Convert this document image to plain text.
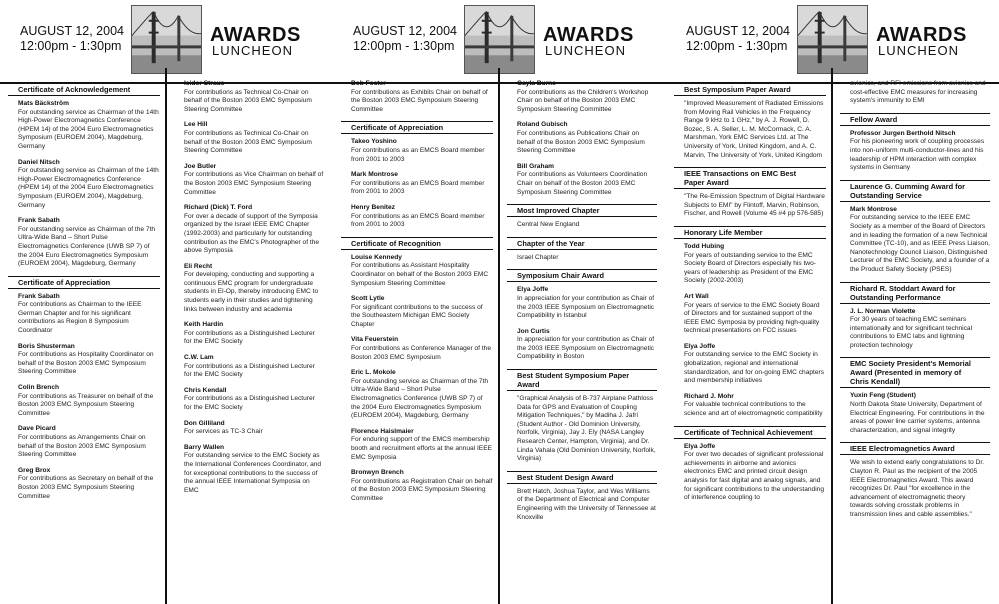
AUGUST 12, 2004
12:00pm - 1:30pm	AWARDS
LUNCHEON
Certificate of Acknowledgement

Mats Bäckström

For outstanding service as Chairman of the 14th High-Power Electromagnetics Conference (HPEM 14) of the 2004 Euro Electromagnetics Symposium (EUROEM 2004), Magdeburg, Germany

Daniel Nitsch

For outstanding service as Chairman of the 14th High-Power Electromagnetics Conference (HPEM 14) of the 2004 Euro Electromagnetics Symposium (EUROEM 2004), Magdeburg, Germany

Frank Sabath

For outstanding service as Chairman of the 7th Ultra-Wide Band – Short Pulse Electromagnetics Conference (UWB SP 7) of the 2004 Euro Electromagnetics Symposium (EUROEM 2004), Magdeburg, Germany

Certificate of Appreciation

Frank Sabath

For contributions as Chairman to the IEEE German Chapter and for his significant contributions as Region 8 Symposium Coordinator

Boris Shusterman

For contributions as Hospitality Coordinator on behalf of the Boston 2003 EMC Symposium Steering Committee

Colin Brench

For contributions as Treasurer on behalf of the Boston 2003 EMC Symposium Steering Committee

Dave Picard

For contributions as Arrangements Chair on behalf of the Boston 2003 EMC Symposium Steering Committee

Greg Brox

For contributions as Secretary on behalf of the Boston 2003 EMC Symposium Steering Committee

Isidor Straus

For contributions as Technical Co-Chair on behalf of the Boston 2003 EMC Symposium Steering Committee

Lee Hill

For contributions as Technical Co-Chair on behalf of the Boston 2003 EMC Symposium Steering Committee

Joe Butler

For contributions as Vice Chairman on behalf of the Boston 2003 EMC Symposium Steering Committee

Richard (Dick) T. Ford

For over a decade of support of the Symposia organized by the Israel IEEE EMC Chapter (1992-2003) and particularly for outstanding contribution as the EMC's Photographer of the above Symposia

Eli Recht

For developing, conducting and supporting a continuous EMC program for undergraduate students in El-Op, thereby introducing EMC to students early in their studies and tightening links between industry and academia

Keith Hardin

For contributions as a Distinguished Lecturer for the EMC Society

C.W. Lam

For contributions as a Distinguished Lecturer for the EMC Society

Chris Kendall

For contributions as a Distinguished Lecturer for the EMC Society

Don Gilliland

For services as TC-3 Chair

Barry Wallen

For outstanding service to the EMC Society as the International Conferences Coordinator, and for exceptional contributions to the success of the annual IEEE International Symposia on EMC

AUGUST 12, 2004
12:00pm - 1:30pm	AWARDS
LUNCHEON

Bob Foster

For contributions as Exhibits Chair on behalf of the Boston 2003 EMC Symposium Steering Committee

Certificate of Appreciation

Takeo Yoshino

For contributions as an EMCS Board member from 2001 to 2003

Mark Montrose

For contributions as an EMCS Board member from 2001 to 2003

Henry Benitez

For contributions as an EMCS Board member from 2001 to 2003

Certificate of Recognition

Louise Kennedy

For contributions as Assistant Hospitality Coordinator on behalf of the Boston 2003 EMC Symposium Steering Committee

Scott Lytle

For significant contributions to the success of the Southeastern Michigan EMC Society Chapter

Vita Feuerstein

For contributions as Conference Manager of the Boston 2003 EMC Symposium

Eric L. Mokole

For outstanding service as Chairman of the 7th Ultra-Wide Band – Short Pulse Electromagnetics Conference (UWB SP 7) of the 2004 Euro Electromagnetics Symposium (EUROEM 2004), Magdeburg, Germany

Florence Haislmaier

For enduring support of the EMCS membership booth and recruitment efforts at the annual IEEE EMC Symposia

Bronwyn Brench

For contributions as Registration Chair on behalf of the Boston 2003 EMC Symposium Steering Committee

Gayla Burns

For contributions as the Children's Workshop Chair on behalf of the Boston 2003 EMC Symposium Steering Committee

Roland Gubisch

For contributions as Publications Chair on behalf of the Boston 2003 EMC Symposium Steering Committee

Bill Graham

For contributions as Volunteers Coordination Chair on behalf of the Boston 2003 EMC Symposium Steering Committee

Most Improved Chapter

Central New England

Chapter of the Year

Israel Chapter

Symposium Chair Award

Elya Joffe

In appreciation for your contribution as Chair of the 2003 IEEE Symposium on Electromagnetic Compatibility in Istanbul

Jon Curtis

In appreciation for your contribution as Chair of the 2003 IEEE Symposium on Electromagnetic Compatibility in Boston

Best Student Symposium Paper Award

"Graphical Analysis of B-737 Airplane Pathloss Data for GPS and Evaluation of Coupling Mitigation Techniques," by Madiha J. Jafri (Student Author - Old Dominion University, Norfolk, Virginia), Jay J. Ely (NASA Langley Research Center, Hampton, Virginia), and Dr. Linda Vahala (Old Dominion University, Norfolk, Virginia)

Best Student Design Award

Brett Hatch, Joshua Taylor, and Wes Williams of the Department of Electrical and Computer Engineering with the University of Tennessee at Knoxville

AUGUST 12, 2004
12:00pm - 1:30pm	AWARDS
LUNCHEON
Best Symposium Paper Award

"Improved Measurement of Radiated Emissions from Moving Rail Vehicles in the Frequency Range 9 kHz to 1 GHz," by A. J. Rowell, D. Bozec, S. A. Seller, L. M. McCormack, C. A. Marshman, York EMC Services Ltd. at The University of York, United Kingdom, and A. C. Marvin, The University of York, United Kingdom

IEEE Transactions on EMC Best Paper Award

"The Re-Emission Spectrum of Digital Hardware Subjects to EMI" by Flintoff, Marvin, Robinson, Fischer, and Rowell (Volume 45 #4 pp 576-585)

Honorary Life Member

Todd Hubing

For years of outstanding service to the EMC Society Board of Directors especially his two-years of leadership as President of the EMC Society (2002-2003)

Art Wall

For years of service to the EMC Society Board of Directors and for sustained support of the IEEE EMC Symposia by providing high-quality technical presentations on FCC issues

Elya Joffe

For outstanding service to the EMC Society in globalization, regional and international standardization, and for on-going EMC chapters and membership initiatives

Richard J. Mohr

For valuable technical contributions to the science and art of electromagnetic compatibility

Certificate of Technical Achievement

Elya Joffe

For over two decades of significant professional achievements in airborne and avionics electronics EMC and printed circuit design analysis for fast digital and analog signals, and for significant contributions to the understanding of interference coupling to

avionics, and RFI emissions from avionics and cost-effective EMC measures for increasing system's immunity to EMI

Fellow Award

Professor Jurgen Berthold Nitsch

For his pioneering work of coupling processes into non-uniform multi-conductor-lines and his leadership of HPM interaction with complex systems in Germany

Laurence G. Cumming Award for Outstanding Service

Mark Montrose

For outstanding service to the IEEE EMC Society as a member of the Board of Directors and in leading the formation of a new Technical Committee (TC-10), and as IEEE Press Liaison, Nanotechnology Council Liaison, Distinguished Lecturer of the EMC Society, and a founder of a the Product Safety Society (PSES)

Richard R. Stoddart Award for Outstanding Performance

J. L. Norman Violette

For 30 years of teaching EMC seminars internationally and for significant technical contributions to EMC labs and lightning protection technology

EMC Society President's Memorial Award (Presented in memory of Chris Kendall)

Yuxin Feng (Student)

North Dakota State University, Department of Electrical Engineering. For contributions in the areas of power line carrier systems, antenna characterization, and signal integrity

IEEE Electromagnetics Award

We wish to extend early congratulations to Dr. Clayton R. Paul as the recipient of the 2005 IEEE Electromagnetics Award. This award recognizes Dr. Paul "for excellence in the advancement of electromagnetic theory towards solving crosstalk problems in transmission lines and cable assemblies."
